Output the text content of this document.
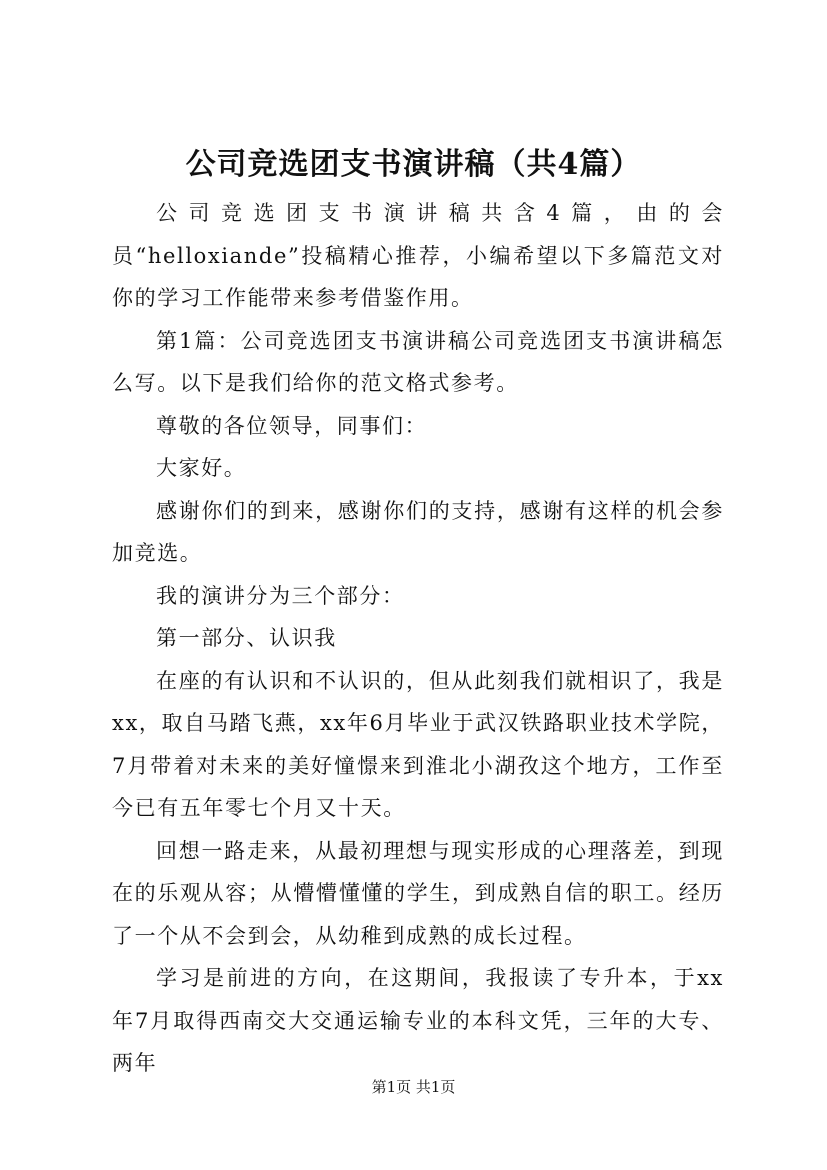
公司竞选团支书演讲稿（共4篇）

公司竞选团支书演讲稿共含4篇，由的会员“helloxiande”投稿精心推荐，小编希望以下多篇范文对你的学习工作能带来参考借鉴作用。

第1篇：公司竞选团支书演讲稿公司竞选团支书演讲稿怎么写。以下是我们给你的范文格式参考。

尊敬的各位领导，同事们：

大家好。

感谢你们的到来，感谢你们的支持，感谢有这样的机会参加竞选。

我的演讲分为三个部分：

第一部分、认识我

在座的有认识和不认识的，但从此刻我们就相识了，我是xx，取自马踏飞燕，xx年6月毕业于武汉铁路职业技术学院，7月带着对未来的美好憧憬来到淮北小湖孜这个地方，工作至今已有五年零七个月又十天。

回想一路走来，从最初理想与现实形成的心理落差，到现在的乐观从容；从懵懵懂懂的学生，到成熟自信的职工。经历了一个从不会到会，从幼稚到成熟的成长过程。

学习是前进的方向，在这期间，我报读了专升本，于xx年7月取得西南交大交通运输专业的本科文凭，三年的大专、两年

第1页 共1页
